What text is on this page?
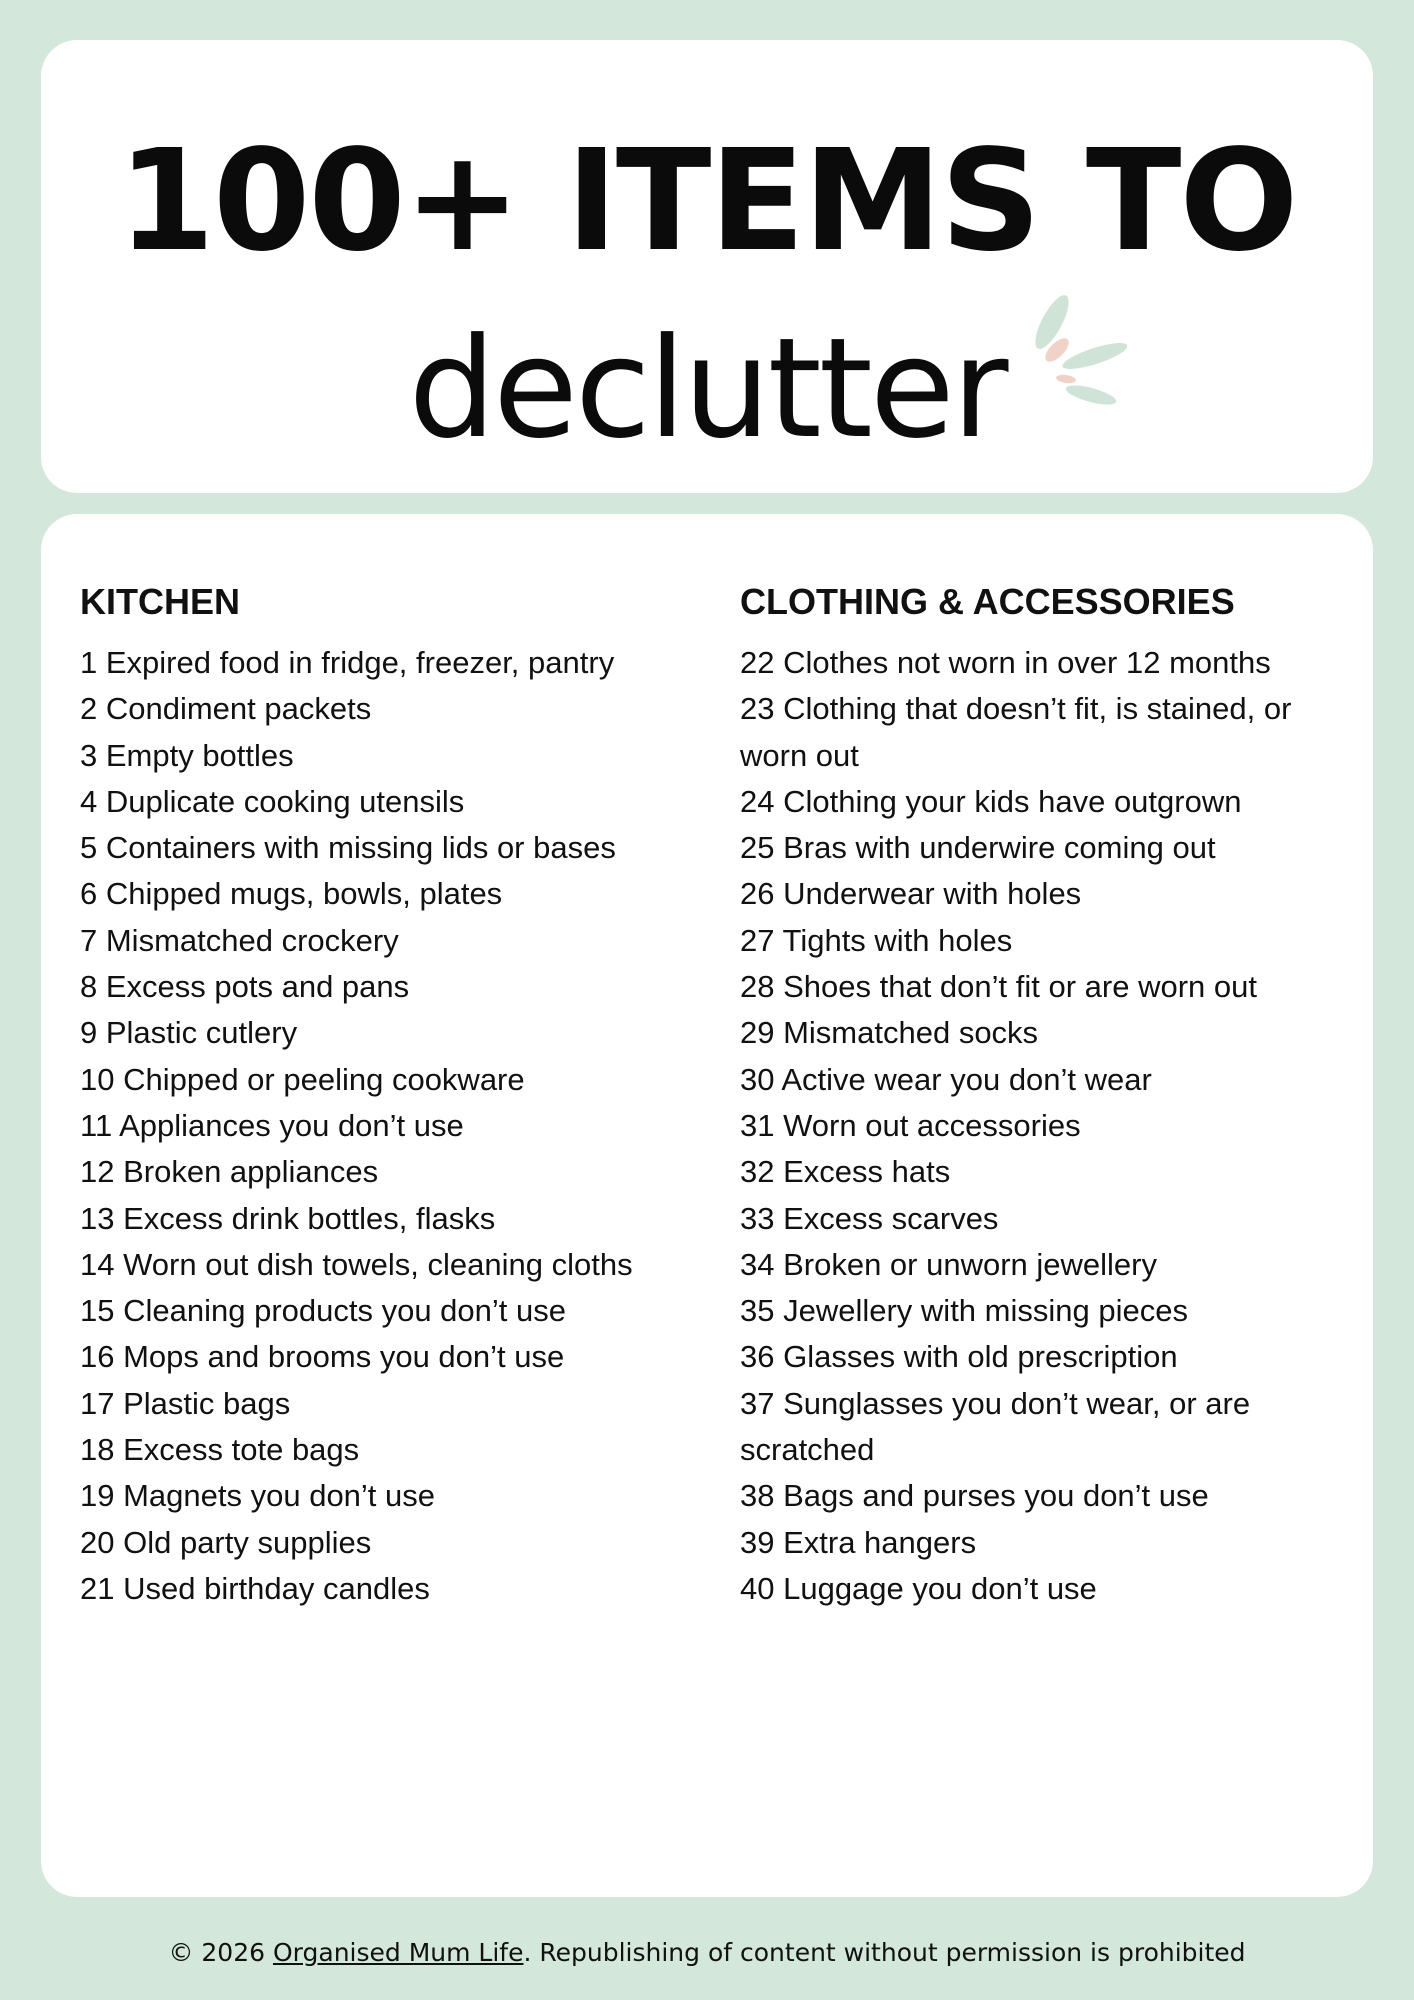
100+ ITEMS TO
declutter
KITCHEN
1 Expired food in fridge, freezer, pantry
2 Condiment packets
3 Empty bottles
4 Duplicate cooking utensils
5 Containers with missing lids or bases
6 Chipped mugs, bowls, plates
7 Mismatched crockery
8 Excess pots and pans
9 Plastic cutlery
10 Chipped or peeling cookware
11 Appliances you don’t use
12 Broken appliances
13 Excess drink bottles, flasks
14 Worn out dish towels, cleaning cloths
15 Cleaning products you don’t use
16 Mops and brooms you don’t use
17 Plastic bags
18 Excess tote bags
19 Magnets you don’t use
20 Old party supplies
21 Used birthday candles
CLOTHING & ACCESSORIES
22 Clothes not worn in over 12 months
23 Clothing that doesn’t fit, is stained, or worn out
24 Clothing your kids have outgrown
25 Bras with underwire coming out
26 Underwear with holes
27 Tights with holes
28 Shoes that don’t fit or are worn out
29 Mismatched socks
30 Active wear you don’t wear
31 Worn out accessories
32 Excess hats
33 Excess scarves
34 Broken or unworn jewellery
35 Jewellery with missing pieces
36 Glasses with old prescription
37 Sunglasses you don’t wear, or are scratched
38 Bags and purses you don’t use
39 Extra hangers
40 Luggage you don’t use
© 2026 Organised Mum Life. Republishing of content without permission is prohibited
